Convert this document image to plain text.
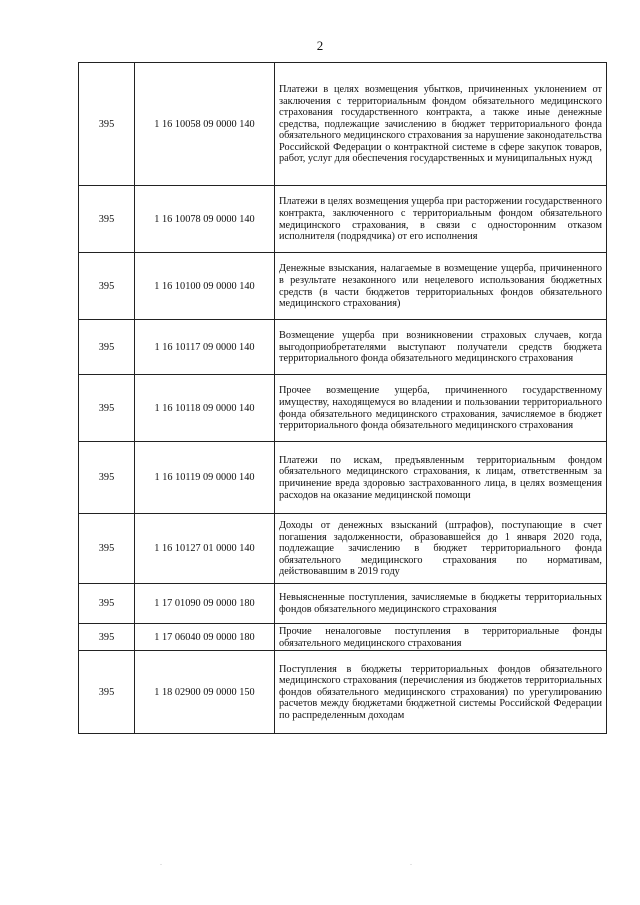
2
395	1 16 10058 09 0000 140	Платежи в целях возмещения убытков, причиненных уклонением от заключения с территориальным фондом обязательного медицинского страхования государственного контракта, а также иные денежные средства, подлежащие зачислению в бюджет территориального фонда обязательного медицинского страхования за нарушение законодательства Российской Федерации о контрактной системе в сфере закупок товаров, работ, услуг для обеспечения государственных и муниципальных нужд
395	1 16 10078 09 0000 140	Платежи в целях возмещения ущерба при расторжении государственного контракта, заключенного с территориальным фондом обязательного медицинского страхования, в связи с односторонним отказом исполнителя (подрядчика) от его исполнения
395	1 16 10100 09 0000 140	Денежные взыскания, налагаемые в возмещение ущерба, причиненного в результате незаконного или нецелевого использования бюджетных средств (в части бюджетов территориальных фондов обязательного медицинского страхования)
395	1 16 10117 09 0000 140	Возмещение ущерба при возникновении страховых случаев, когда выгодоприобретателями выступают получатели средств бюджета территориального фонда обязательного медицинского страхования
395	1 16 10118 09 0000 140	Прочее возмещение ущерба, причиненного государственному имуществу, находящемуся во владении и пользовании территориального фонда обязательного медицинского страхования, зачисляемое в бюджет территориального фонда обязательного медицинского страхования
395	1 16 10119 09 0000 140	Платежи по искам, предъявленным территориальным фондом обязательного медицинского страхования, к лицам, ответственным за причинение вреда здоровью застрахованного лица, в целях возмещения расходов на оказание медицинской помощи
395	1 16 10127 01 0000 140	Доходы от денежных взысканий (штрафов), поступающие в счет погашения задолженности, образовавшейся до 1 января 2020 года, подлежащие зачислению в бюджет территориального фонда обязательного медицинского страхования по нормативам, действовавшим в 2019 году
395	1 17 01090 09 0000 180	Невыясненные поступления, зачисляемые в бюджеты территориальных фондов обязательного медицинского страхования
395	1 17 06040 09 0000 180	Прочие неналоговые поступления в территориальные фонды обязательного медицинского страхования
395	1 18 02900 09 0000 150	Поступления в бюджеты территориальных фондов обязательного медицинского страхования (перечисления из бюджетов территориальных фондов обязательного медицинского страхования) по урегулированию расчетов между бюджетами бюджетной системы Российской Федерации по распределенным доходам
.	.
